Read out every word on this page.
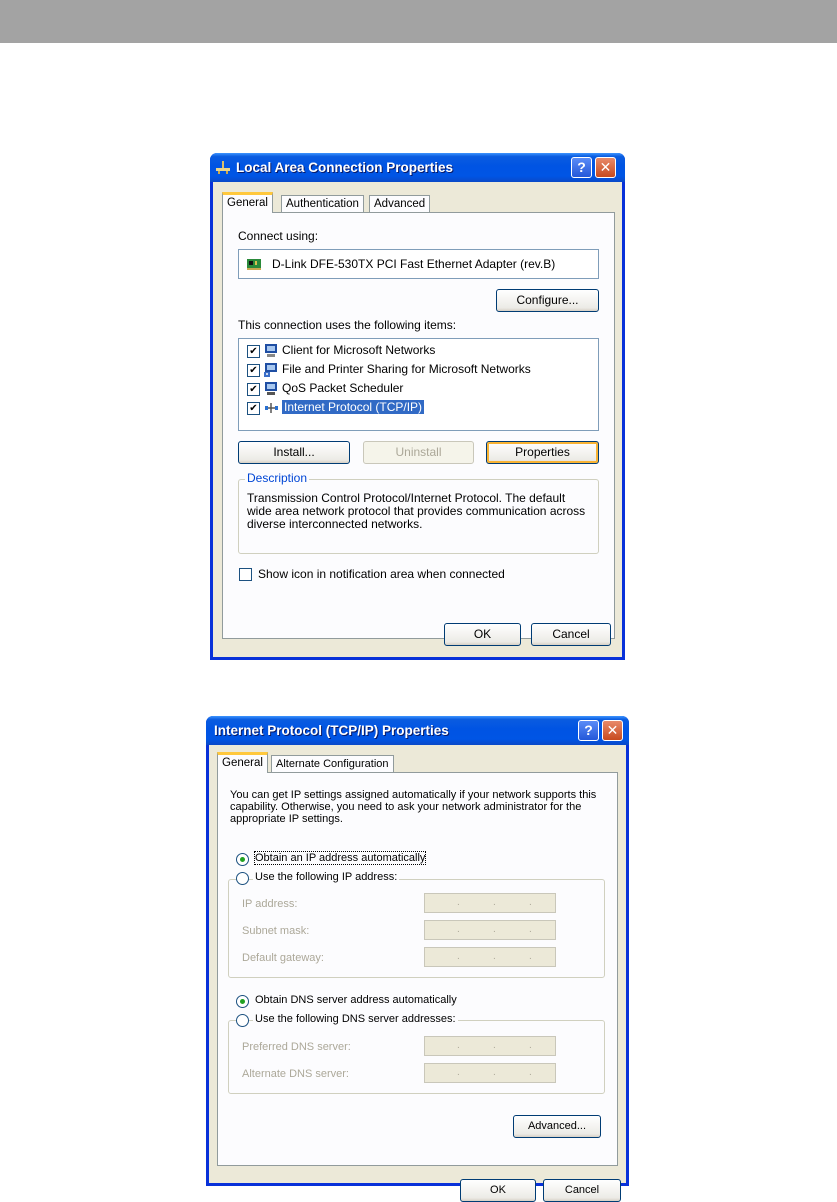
Local Area Connection Properties	? ✕
General	Authentication	Advanced
Connect using:
D-Link DFE-530TX PCI Fast Ethernet Adapter (rev.B)
Configure...
This connection uses the following items:
✔
Client for Microsoft Networks
✔
File and Printer Sharing for Microsoft Networks
✔
QoS Packet Scheduler
✔
Internet Protocol (TCP/IP)
Install...	Uninstall	Properties
Description
Transmission Control Protocol/Internet Protocol. The default wide area network protocol that provides communication across diverse interconnected networks.
Show icon in notification area when connected
OK	Cancel
Internet Protocol (TCP/IP) Properties	? ✕
General	Alternate Configuration
You can get IP settings assigned automatically if your network supports this capability. Otherwise, you need to ask your network administrator for the appropriate IP settings.
Obtain an IP address automatically
Use the following IP address:
IP address:	.	.	.
Subnet mask:	.	.	.
Default gateway:	.	.	.
Obtain DNS server address automatically
Use the following DNS server addresses:
Preferred DNS server:	.	.	.
Alternate DNS server:	.	.	.
Advanced...
OK	Cancel
